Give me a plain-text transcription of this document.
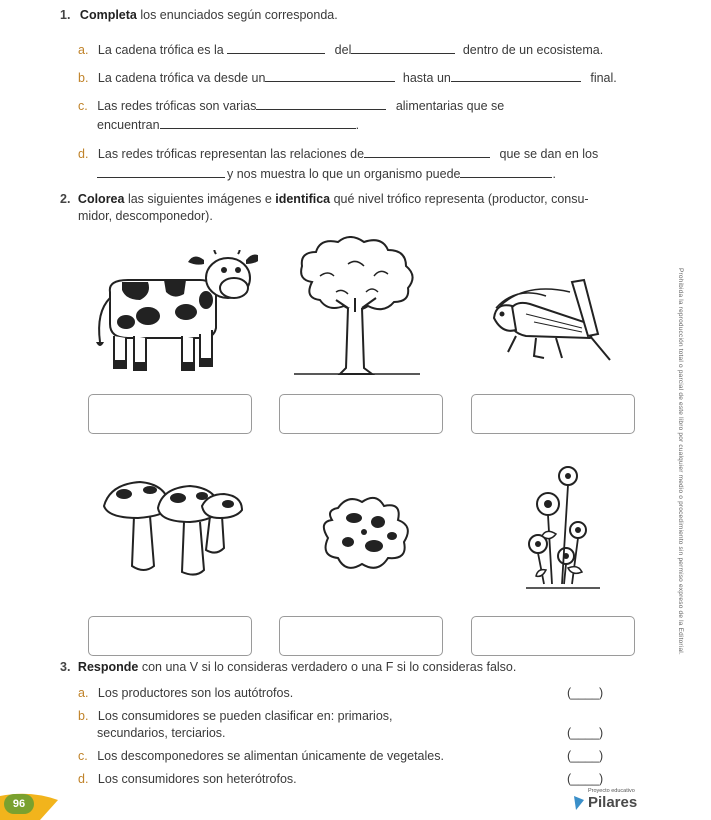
1. Completa los enunciados según corresponda.
a. La cadena trófica es la	del	dentro de un ecosistema.
b. La cadena trófica va desde un	hasta un	final.
c. Las redes tróficas son varias	alimentarias que se
encuentran	.
d. Las redes tróficas representan las relaciones de	que se dan en los
y nos muestra lo que un organismo puede	.
2. Colorea las siguientes imágenes e identifica qué nivel trófico representa (productor, consu-
midor, descomponedor).
3. Responde con una V si lo consideras verdadero o una F si lo consideras falso.
a. Los productores son los autótrofos.	(____)
b. Los consumidores se pueden clasificar en: primarios,
secundarios, terciarios.	(____)
c. Los descomponedores se alimentan únicamente de vegetales.	(____)
d. Los consumidores son heterótrofos.	(____)
Prohibida la reproducción total o parcial de este libro por cualquier medio o procedimiento sin permiso expreso de la Editorial.
96
Proyecto educativo
Pilares
